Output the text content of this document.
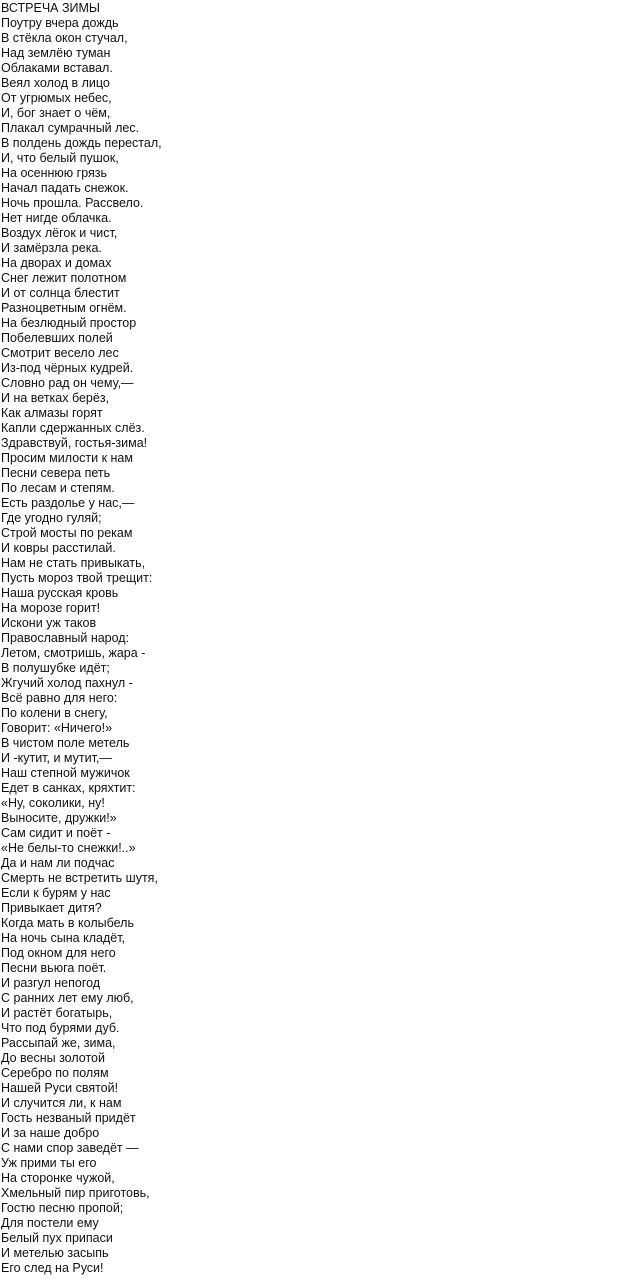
ВСТРЕЧА ЗИМЫ
Поутру вчера дождь
В стёкла окон стучал,
Над землёю туман
Облаками вставал.
Веял холод в лицо
От угрюмых небес,
И, бог знает о чём,
Плакал сумрачный лес.
В полдень дождь перестал,
И, что белый пушок,
На осеннюю грязь
Начал падать снежок.
Ночь прошла. Рассвело.
Нет нигде облачка.
Воздух лёгок и чист,
И замёрзла река.
На дворах и домах
Снег лежит полотном
И от солнца блестит
Разноцветным огнём.
На безлюдный простор
Побелевших полей
Смотрит весело лес
Из-под чёрных кудрей.
Словно рад он чему,—
И на ветках берёз,
Как алмазы горят
Капли сдержанных слёз.
Здравствуй, гостья-зима!
Просим милости к нам
Песни севера петь
По лесам и степям.
Есть раздолье у нас,—
Где угодно гуляй;
Строй мосты по рекам
И ковры расстилай.
Нам не стать привыкать,
Пусть мороз твой трещит:
Наша русская кровь
На морозе горит!
Искони уж таков
Православный народ:
Летом, смотришь, жара -
В полушубке идёт;
Жгучий холод пахнул -
Всё равно для него:
По колени в снегу,
Говорит: «Ничего!»
В чистом поле метель
И -кутит, и мутит,—
Наш степной мужичок
Едет в санках, кряхтит:
«Ну, соколики, ну!
Выносите, дружки!»
Сам сидит и поёт -
«Не белы-то снежки!..»
Да и нам ли подчас
Смерть не встретить шутя,
Если к бурям у нас
Привыкает дитя?
Когда мать в колыбель
На ночь сына кладёт,
Под окном для него
Песни вьюга поёт.
И разгул непогод
С ранних лет ему люб,
И растёт богатырь,
Что под бурями дуб.
Рассыпай же, зима,
До весны золотой
Серебро по полям
Нашей Руси святой!
И случится ли, к нам
Гость незваный придёт
И за наше добро
С нами спор заведёт —
Уж прими ты его
На сторонке чужой,
Хмельный пир приготовь,
Гостю песню пропой;
Для постели ему
Белый пух припаси
И метелью засыпь
Его след на Руси!
